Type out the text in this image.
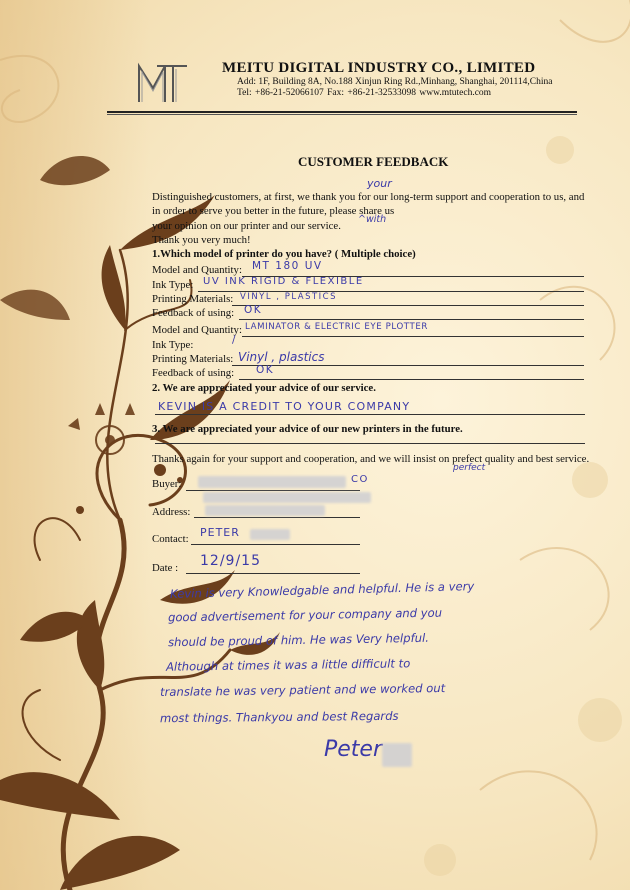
MEITU DIGITAL INDUSTRY CO., LIMITED
Add: 1F, Building 8A, No.188 Xinjun Ring Rd.,Minhang, Shanghai, 201114,China
Tel: +86-21-52066107 Fax: +86-21-32533098 www.mtutech.com
CUSTOMER FEEDBACK
Distinguished customers, at first, we thank you for our long-term support and cooperation to us, and
in order to serve you better in the future, please share us
your opinion on our printer and our service.
Thank you very much!
your
^with
1.Which model of printer do you have? ( Multiple choice)
Model and Quantity: MT 180 UV
Ink Type: UV INK RIGID & FLEXIBLE
Printing Materials: VINYL , PLASTICS
Feedback of using: OK
Model and Quantity: LAMINATOR & ELECTRIC EYE PLOTTER
Ink Type:	/
Printing Materials: Vinyl , plastics
Feedback of using: OK
2. We are appreciated your advice of our service.
KEVIN IS A CREDIT TO YOUR COMPANY
3. We are appreciated your advice of our new printers in the future.
Thanks again for your support and cooperation, and we will insist on prefect quality and best service.
perfect
Buyer:	CO
Address:
Contact: PETER
Date : 12/9/15
Kevin is very Knowledgable and helpful. He is a very
good advertisement for your company and you
should be proud of him. He was Very helpful.
Although at times it was a little difficult to
translate he was very patient and we worked out
most things. Thankyou and best Regards
Peter
